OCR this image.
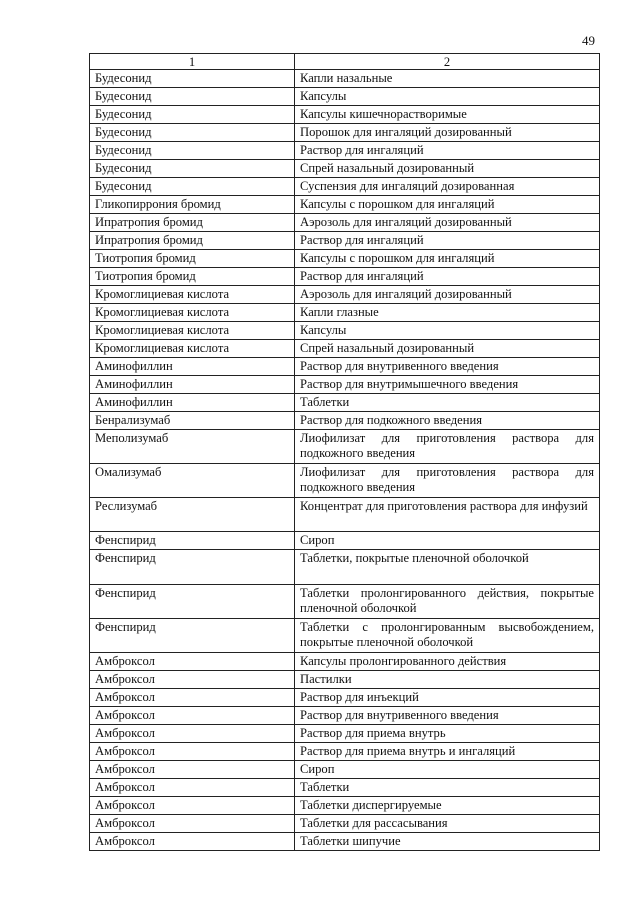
49
1	2
Будесонид	Капли назальные
Будесонид	Капсулы
Будесонид	Капсулы кишечнорастворимые
Будесонид	Порошок для ингаляций дозированный
Будесонид	Раствор для ингаляций
Будесонид	Спрей назальный дозированный
Будесонид	Суспензия для ингаляций дозированная
Гликопиррония бромид	Капсулы с порошком для ингаляций
Ипратропия бромид	Аэрозоль для ингаляций дозированный
Ипратропия бромид	Раствор для ингаляций
Тиотропия бромид	Капсулы с порошком для ингаляций
Тиотропия бромид	Раствор для ингаляций
Кромоглициевая кислота	Аэрозоль для ингаляций дозированный
Кромоглициевая кислота	Капли глазные
Кромоглициевая кислота	Капсулы
Кромоглициевая кислота	Спрей назальный дозированный
Аминофиллин	Раствор для внутривенного введения
Аминофиллин	Раствор для внутримышечного введения
Аминофиллин	Таблетки
Бенрализумаб	Раствор для подкожного введения
Меполизумаб	Лиофилизат для приготовления раствора для подкожного введения
Омализумаб	Лиофилизат для приготовления раствора для подкожного введения
Реслизумаб	Концентрат для приготовления раствора для инфузий
Фенспирид	Сироп
Фенспирид	Таблетки, покрытые пленочной оболочкой
Фенспирид	Таблетки пролонгированного действия, покрытые пленочной оболочкой
Фенспирид	Таблетки с пролонгированным высвобождением, покрытые пленочной оболочкой
Амброксол	Капсулы пролонгированного действия
Амброксол	Пастилки
Амброксол	Раствор для инъекций
Амброксол	Раствор для внутривенного введения
Амброксол	Раствор для приема внутрь
Амброксол	Раствор для приема внутрь и ингаляций
Амброксол	Сироп
Амброксол	Таблетки
Амброксол	Таблетки диспергируемые
Амброксол	Таблетки для рассасывания
Амброксол	Таблетки шипучие
